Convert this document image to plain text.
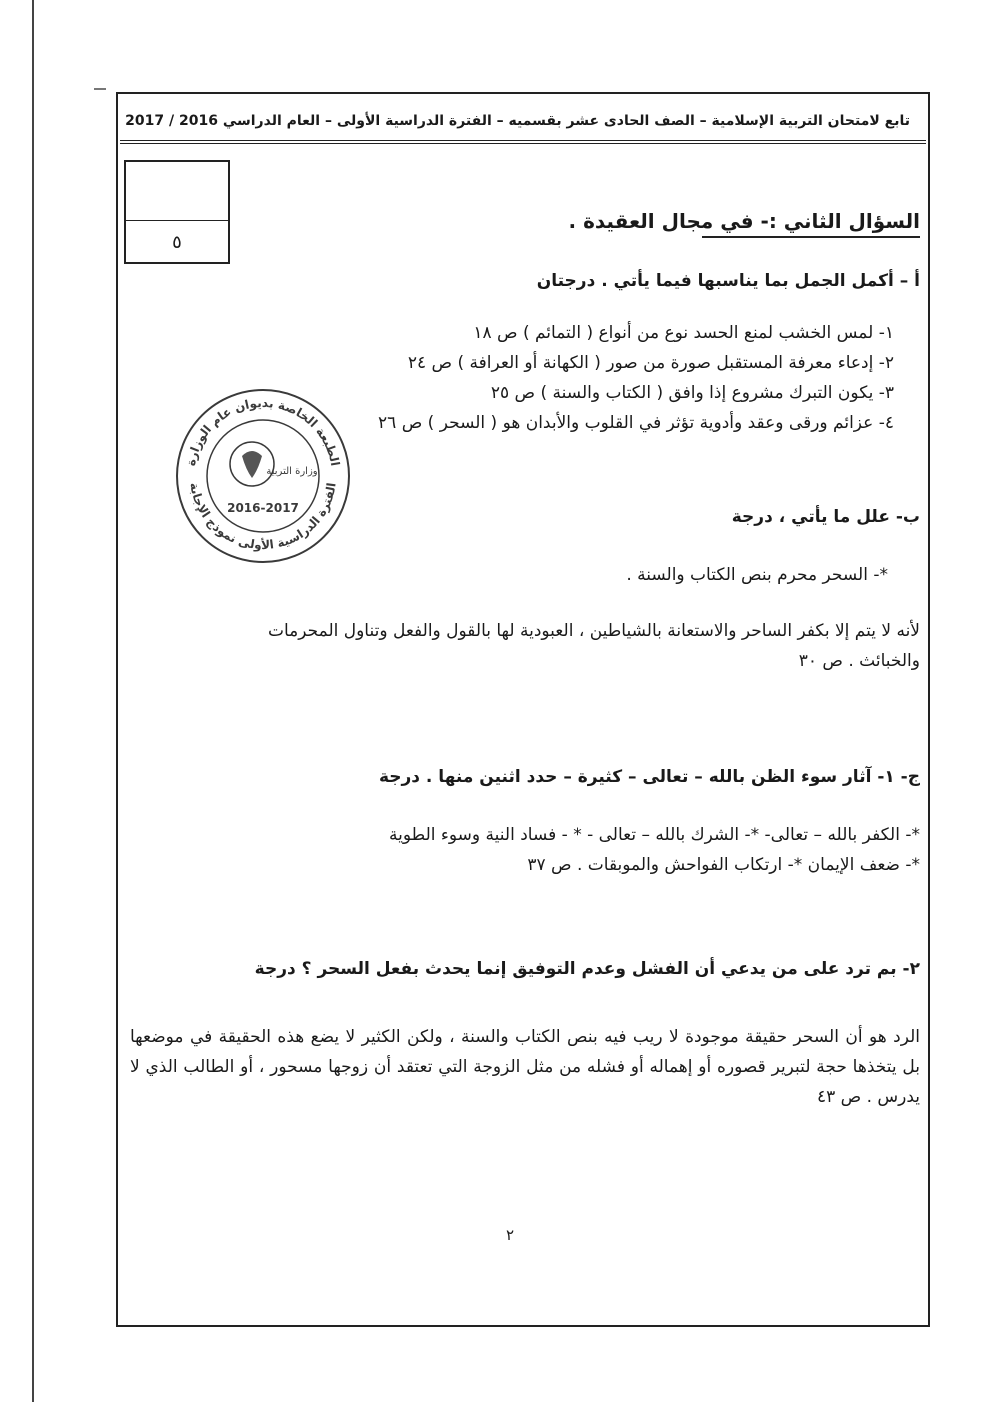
تابع لامتحان التربية الإسلامية – الصف الحادى عشر بقسميه – الفترة الدراسية الأولى – العام الدراسي 2016 / 2017
٥
السؤال الثاني :- في مجال العقيدة .
أ – أكمل الجمل بما يناسبها فيما يأتي . درجتان
١- لمس الخشب لمنع الحسد نوع من أنواع ( التمائم ) ص ١٨
٢- إدعاء معرفة المستقبل صورة من صور ( الكهانة أو العرافة ) ص ٢٤
٣- يكون التبرك مشروع إذا وافق ( الكتاب والسنة ) ص ٢٥
٤- عزائم ورقى وعقد وأدوية تؤثر في القلوب والأبدان هو ( السحر ) ص ٢٦
الطبعة الخاصة بديوان عام الوزارة
الفترة الدراسية الأولى نموذج الإجابة
وزارة التربية
2016-2017	ب- علل ما يأتي ، درجة
*- السحر محرم بنص الكتاب والسنة .
لأنه لا يتم إلا بكفر الساحر والاستعانة بالشياطين ، العبودية لها بالقول والفعل وتناول المحرمات
والخبائث . ص ٣٠
ج- ١- آثار سوء الظن بالله – تعالى – كثيرة – حدد اثنين منها . درجة
*- الكفر بالله – تعالى- *- الشرك بالله – تعالى - * - فساد النية وسوء الطوية
*- ضعف الإيمان *- ارتكاب الفواحش والموبقات . ص ٣٧
٢- بم ترد على من يدعي أن الفشل وعدم التوفيق إنما يحدث بفعل السحر ؟ درجة
الرد هو أن السحر حقيقة موجودة لا ريب فيه بنص الكتاب والسنة ، ولكن الكثير لا يضع هذه الحقيقة في موضعها بل يتخذها حجة لتبرير قصوره أو إهماله أو فشله من مثل الزوجة التي تعتقد أن زوجها مسحور ، أو الطالب الذي لا يدرس . ص ٤٣
٢
